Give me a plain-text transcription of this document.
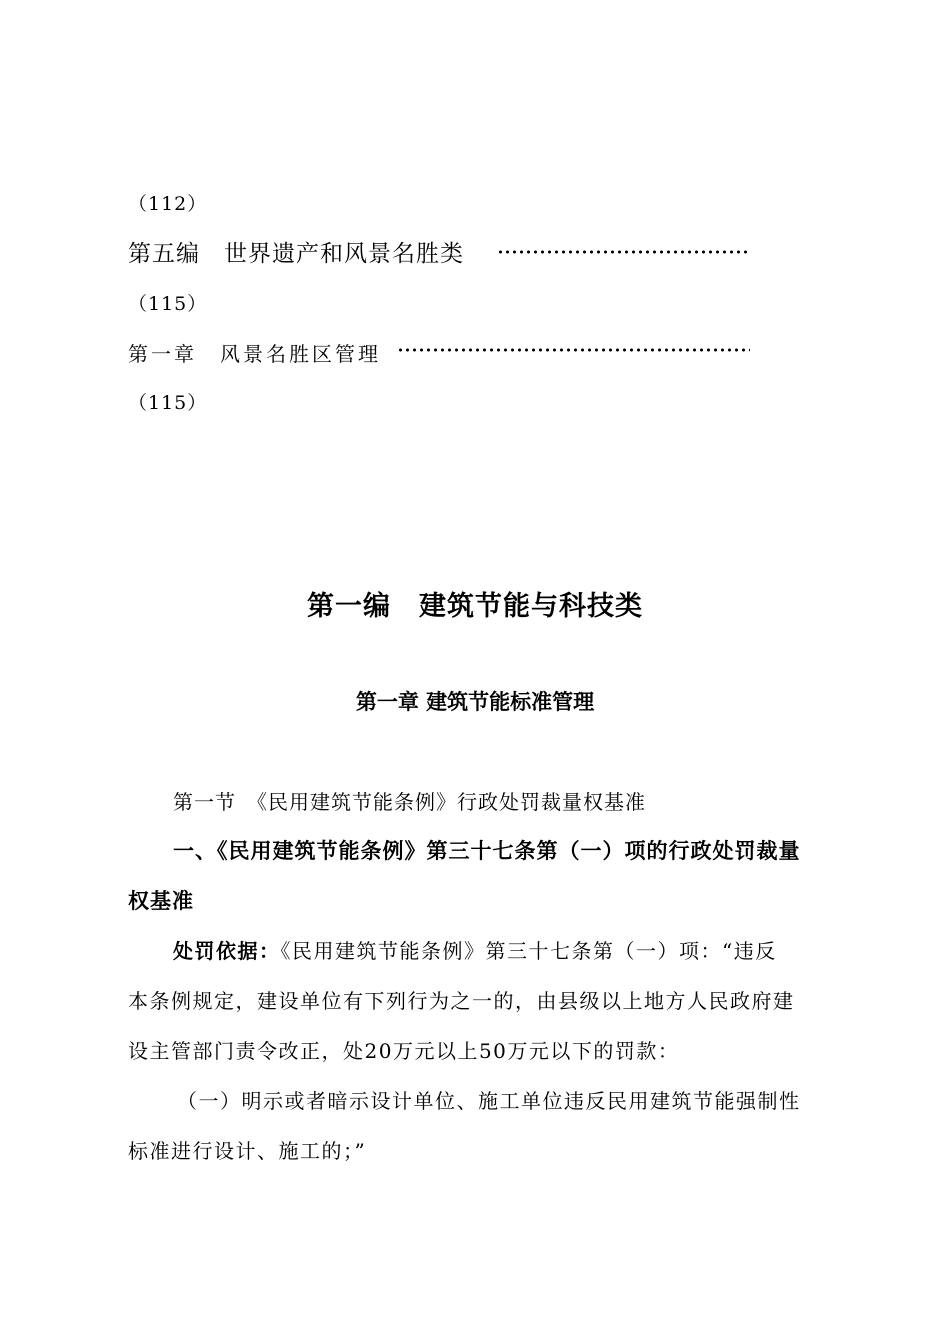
（112）
第五编　世界遗产和风景名胜类
（115）
第一章　风景名胜区管理
（115）
第一编　建筑节能与科技类
第一章 建筑节能标准管理
第一节　《民用建筑节能条例》行政处罚裁量权基准
一、《民用建筑节能条例》第三十七条第（一）项的行政处罚裁量
权基准
处罚依据：《民用建筑节能条例》第三十七条第（一）项：“违反
本条例规定，建设单位有下列行为之一的，由县级以上地方人民政府建
设主管部门责令改正，处20万元以上50万元以下的罚款：
（一）明示或者暗示设计单位、施工单位违反民用建筑节能强制性
标准进行设计、施工的；”
